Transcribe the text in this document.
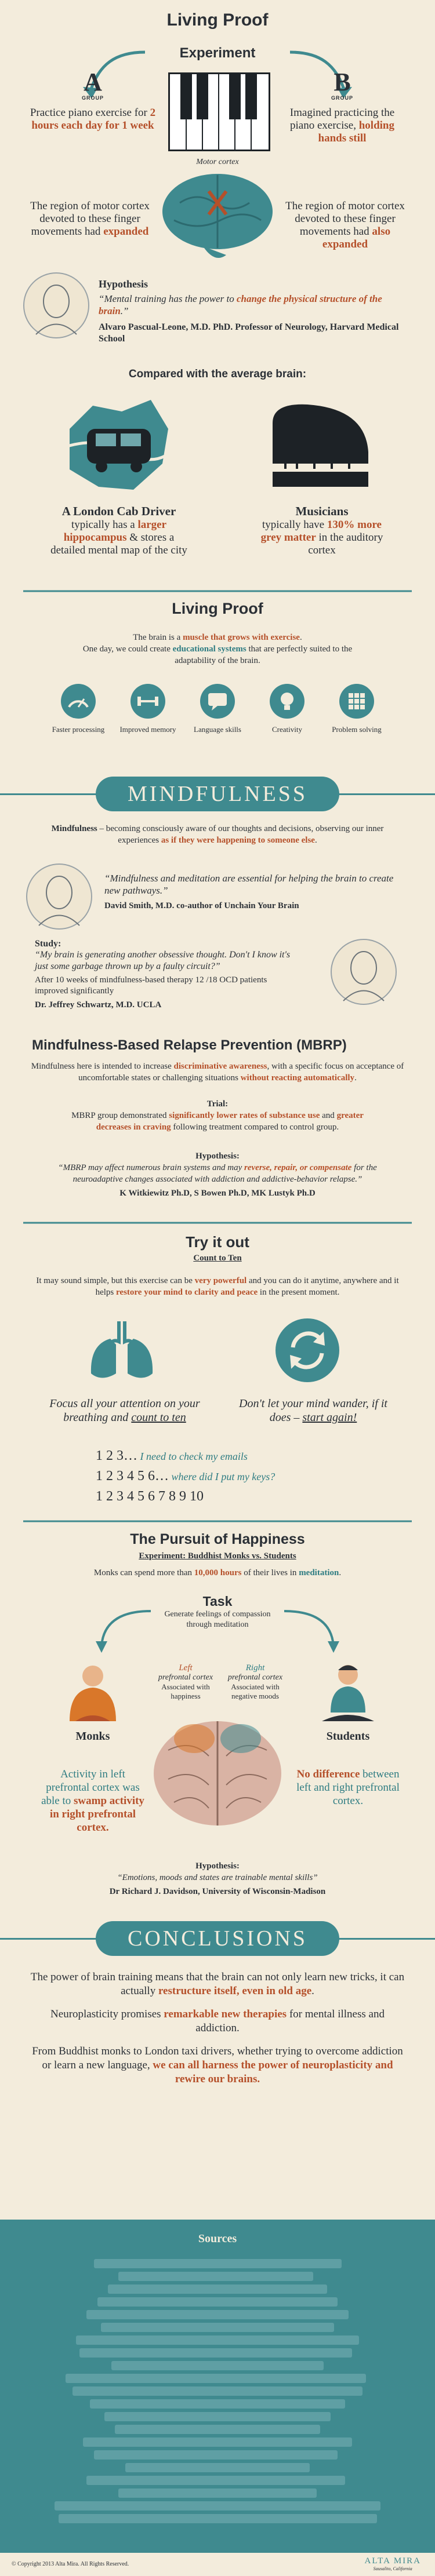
Living Proof
Experiment
A
GROUP
Practice piano exercise for 2 hours each day for 1 week
B
GROUP
Imagined practicing the piano exercise, holding hands still
Motor cortex
The region of motor cortex devoted to these finger movements had expanded
The region of motor cortex devoted to these finger movements had also expanded
Hypothesis
“Mental training has the power to change the physical structure of the brain.”
Alvaro Pascual-Leone, M.D. PhD. Professor of Neurology, Harvard Medical School
Compared with the average brain:
A London Cab Driver
typically has a larger hippocampus & stores a detailed mental map of the city
Musicians
typically have 130% more grey matter in the auditory cortex
Living Proof
The brain is a muscle that grows with exercise.
One day, we could create educational systems that are perfectly suited to the adaptability of the brain.
Faster processing	Improved memory	Language skills	Creativity	Problem solving
MINDFULNESS
Mindfulness – becoming consciously aware of our thoughts and decisions, observing our inner experiences as if they were happening to someone else.
“Mindfulness and meditation are essential for helping the brain to create new pathways.”
David Smith, M.D. co-author of Unchain Your Brain
Study:
“My brain is generating another obsessive thought. Don't I know it's just some garbage thrown up by a faulty circuit?”
After 10 weeks of mindfulness-based therapy 12 /18 OCD patients improved significantly
Dr. Jeffrey Schwartz, M.D. UCLA
Mindfulness-Based Relapse Prevention (MBRP)
Mindfulness here is intended to increase discriminative awareness, with a specific focus on acceptance of uncomfortable states or challenging situations without reacting automatically.
Trial:
MBRP group demonstrated significantly lower rates of substance use and greater decreases in craving following treatment compared to control group.
Hypothesis:
“MBRP may affect numerous brain systems and may reverse, repair, or compensate for the neuroadaptive changes associated with addiction and addictive-behavior relapse.”
K Witkiewitz Ph.D, S Bowen Ph.D, MK Lustyk Ph.D
Try it out
Count to Ten
It may sound simple, but this exercise can be very powerful and you can do it anytime, anywhere and it helps restore your mind to clarity and peace in the present moment.
Focus all your attention on your breathing and count to ten
Don't let your mind wander, if it does – start again!
1 2 3… I need to check my emails
1 2 3 4 5 6… where did I put my keys?
1 2 3 4 5 6 7 8 9 10
The Pursuit of Happiness
Experiment: Buddhist Monks vs. Students
Monks can spend more than 10,000 hours of their lives in meditation.
Task
Generate feelings of compassion through meditation
Monks	Students
Left
prefrontal cortex
Associated with happiness
Right
prefrontal cortex
Associated with negative moods
Activity in left prefrontal cortex was able to swamp activity in right prefrontal cortex.
No difference between left and right prefrontal cortex.
Hypothesis:
“Emotions, moods and states are trainable mental skills”
Dr Richard J. Davidson, University of Wisconsin-Madison
CONCLUSIONS
The power of brain training means that the brain can not only learn new tricks, it can actually restructure itself, even in old age.
Neuroplasticity promises remarkable new therapies for mental illness and addiction.
From Buddhist monks to London taxi drivers, whether trying to overcome addiction or learn a new language, we can all harness the power of neuroplasticity and rewire our brains.
Sources
© Copyright 2013 Alta Mira. All Rights Reserved.	ALTA MIRA
Sausalito, California
